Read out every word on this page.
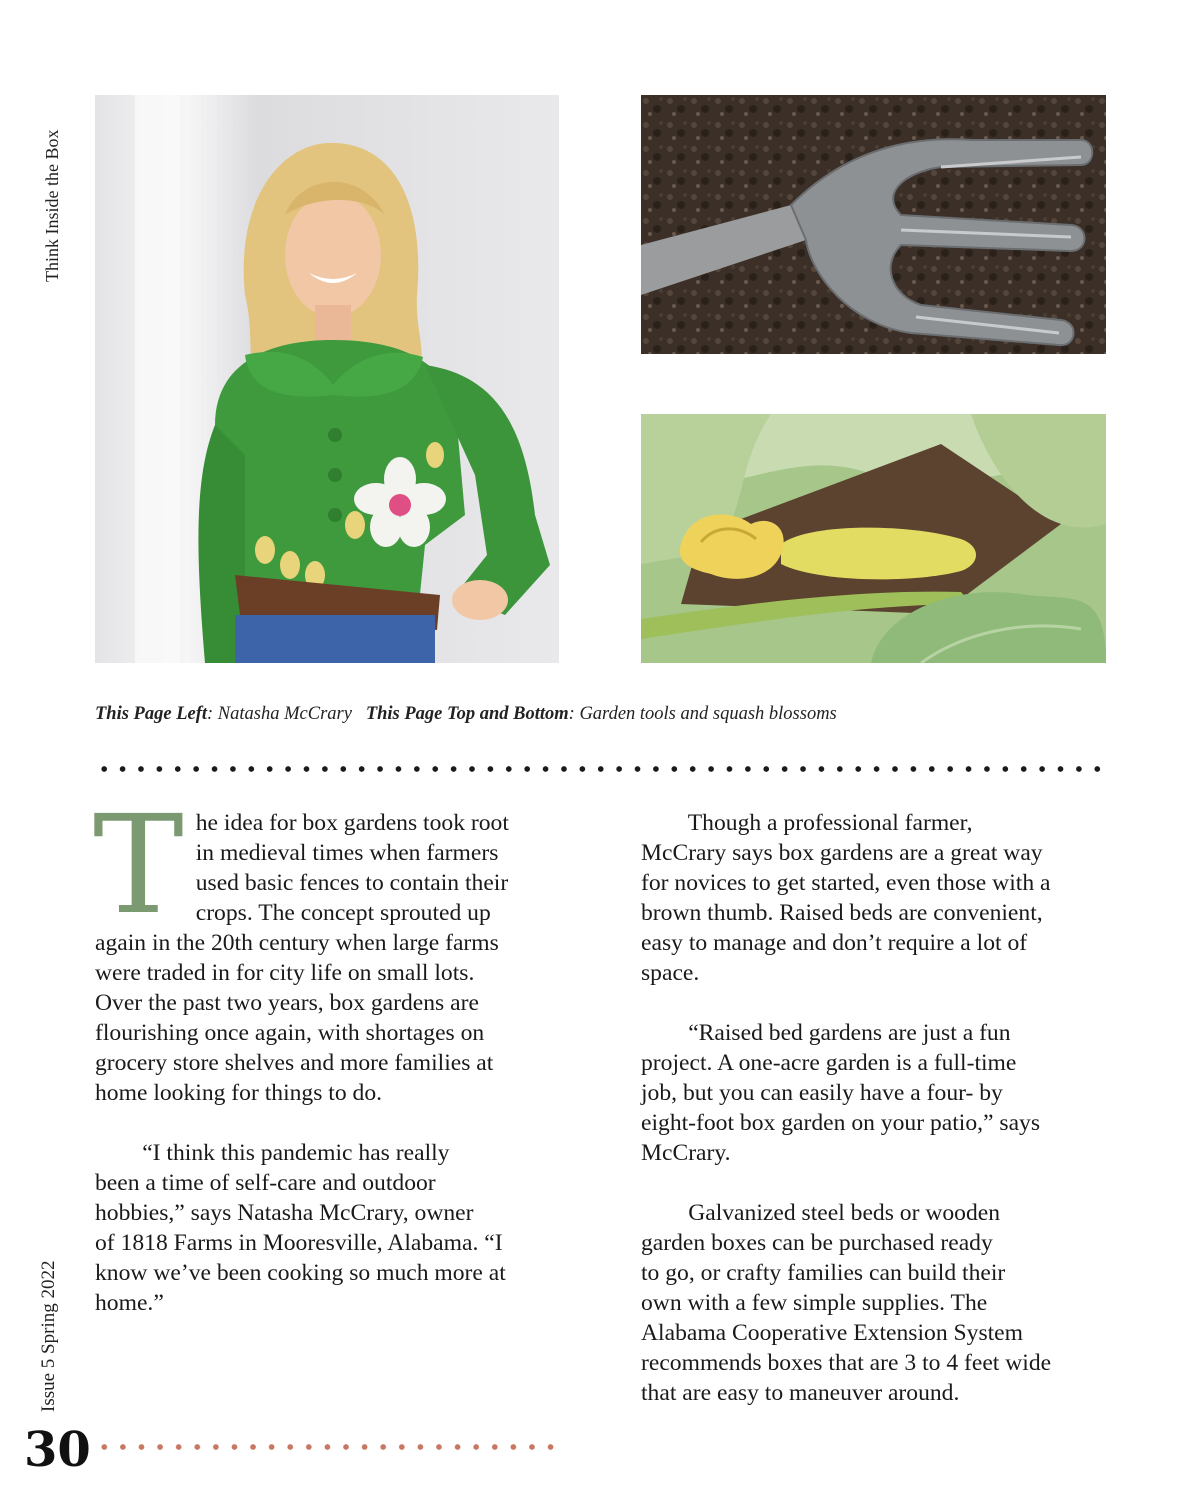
Think Inside the Box
Issue 5 Spring 2022
This Page Left: Natasha McCrary This Page Top and Bottom: Garden tools and squash blossoms
T he idea for box gardens took root
in medieval times when farmers
used basic fences to contain their
crops. The concept sprouted up
again in the 20th century when large farms
were traded in for city life on small lots.
Over the past two years, box gardens are
flourishing once again, with shortages on
grocery store shelves and more families at
home looking for things to do.

“I think this pandemic has really
been a time of self-care and outdoor
hobbies,” says Natasha McCrary, owner
of 1818 Farms in Mooresville, Alabama. “I
know we’ve been cooking so much more at
home.”

Though a professional farmer,
McCrary says box gardens are a great way
for novices to get started, even those with a
brown thumb. Raised beds are convenient,
easy to manage and don’t require a lot of
space.

“Raised bed gardens are just a fun
project. A one-acre garden is a full-time
job, but you can easily have a four- by
eight-foot box garden on your patio,” says
McCrary.

Galvanized steel beds or wooden
garden boxes can be purchased ready
to go, or crafty families can build their
own with a few simple supplies. The
Alabama Cooperative Extension System
recommends boxes that are 3 to 4 feet wide
that are easy to maneuver around.

30
